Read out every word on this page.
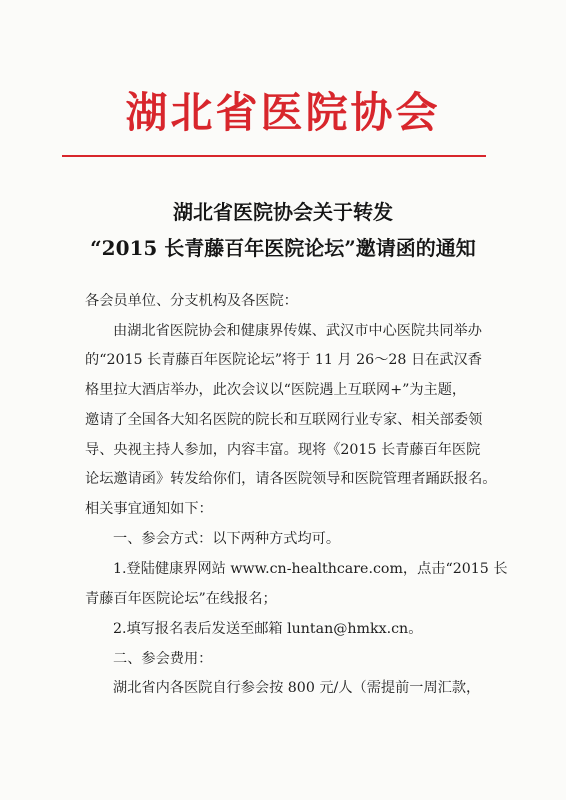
湖北省医院协会
湖北省医院协会关于转发
“2015 长青藤百年医院论坛”邀请函的通知
各会员单位、分支机构及各医院：
由湖北省医院协会和健康界传媒、武汉市中心医院共同举办
的“2015 长青藤百年医院论坛”将于 11 月 26～28 日在武汉香
格里拉大酒店举办，此次会议以“医院遇上互联网+”为主题，
邀请了全国各大知名医院的院长和互联网行业专家、相关部委领
导、央视主持人参加，内容丰富。现将《2015 长青藤百年医院
论坛邀请函》转发给你们，请各医院领导和医院管理者踊跃报名。
相关事宜通知如下：
一、参会方式：以下两种方式均可。
1.登陆健康界网站 www.cn-healthcare.com，点击“2015 长
青藤百年医院论坛”在线报名；
2.填写报名表后发送至邮箱 luntan@hmkx.cn。
二、参会费用：
湖北省内各医院自行参会按 800 元/人（需提前一周汇款，
